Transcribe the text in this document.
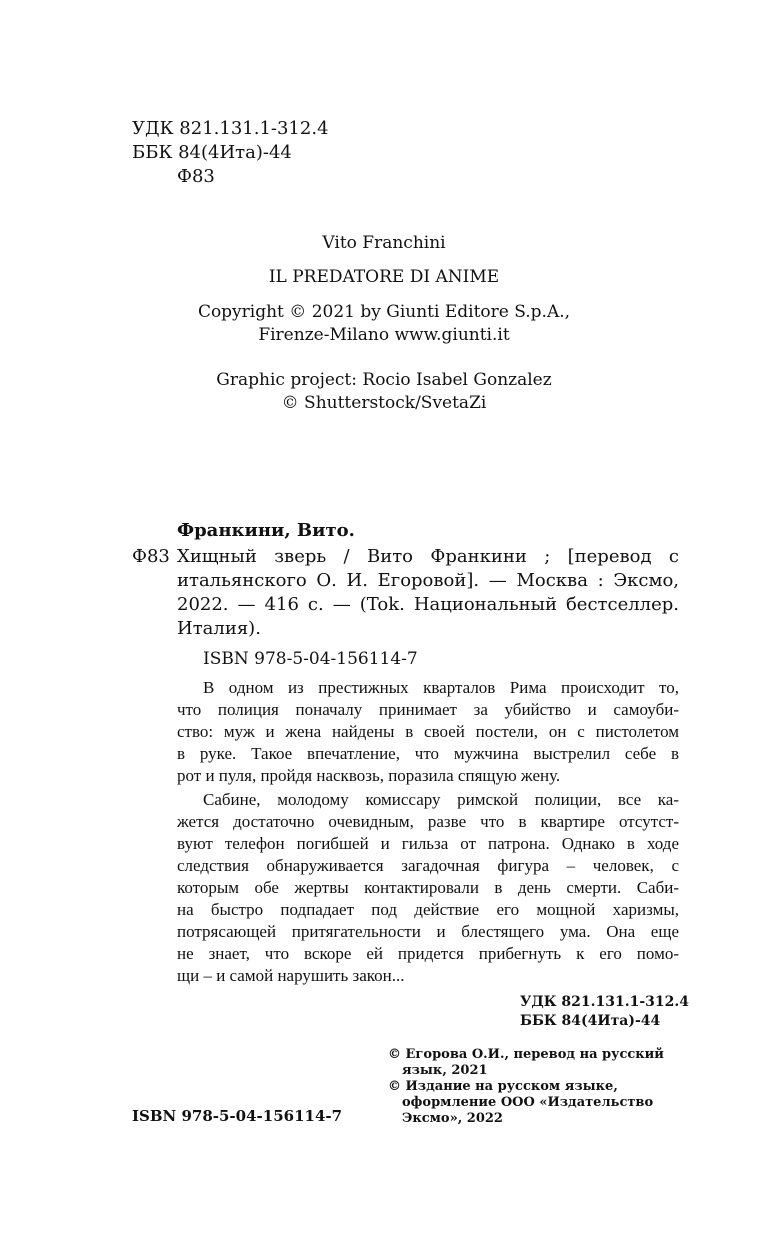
УДК 821.131.1-312.4
ББК 84(4Ита)-44
Ф83
Vito Franchini
IL PREDATORE DI ANIME
Copyright © 2021 by Giunti Editore S.p.A.,
Firenze-Milano www.giunti.it
Graphic project: Rocio Isabel Gonzalez
© Shutterstock/SvetaZi
Франкини, Вито.
Ф83 Хищный зверь / Вито Франкини ; [перевод с
итальянского О. И. Егоровой]. — Москва : Эксмо,
2022. — 416 с. — (Tok. Национальный бестселлер.
Италия).
ISBN 978-5-04-156114-7
В одном из престижных кварталов Рима происходит то,
что полиция поначалу принимает за убийство и самоуби-
ство: муж и жена найдены в своей постели, он с пистолетом
в руке. Такое впечатление, что мужчина выстрелил себе в
рот и пуля, пройдя насквозь, поразила спящую жену.
Сабине, молодому комиссару римской полиции, все ка-
жется достаточно очевидным, разве что в квартире отсутст-
вуют телефон погибшей и гильза от патрона. Однако в ходе
следствия обнаруживается загадочная фигура – человек, с
которым обе жертвы контактировали в день смерти. Саби-
на быстро подпадает под действие его мощной харизмы,
потрясающей притягательности и блестящего ума. Она еще
не знает, что вскоре ей придется прибегнуть к его помо-
щи – и самой нарушить закон...
УДК 821.131.1-312.4
ББК 84(4Ита)-44
ISBN 978-5-04-156114-7
© Егорова О.И., перевод на русский
язык, 2021
© Издание на русском языке,
оформление ООО «Издательство
Эксмо», 2022
